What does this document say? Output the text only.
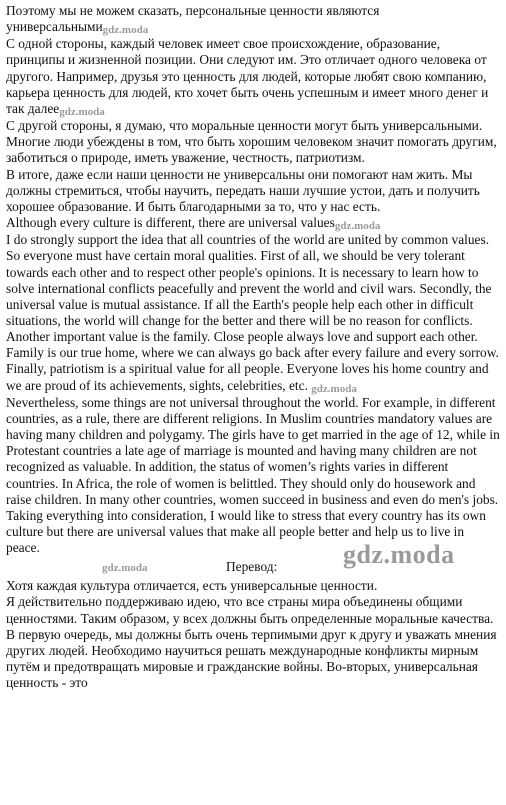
Поэтому мы не можем сказать, персональные ценности являются универсальнымиgdz.moda

С одной стороны, каждый человек имеет свое происхождение, образование, принципы и жизненной позиции. Они следуют им. Это отличает одного человека от другого. Например, друзья это ценность для людей, которые любят свою компанию, карьера ценность для людей, кто хочет быть очень успешным и имеет много денег и так далееgdz.moda

С другой стороны, я думаю, что моральные ценности могут быть универсальными. Многие люди убеждены в том, что быть хорошим человеком значит помогать другим, заботиться о природе, иметь уважение, честность, патриотизм.

В итоге, даже если наши ценности не универсальны они помогают нам жить. Мы должны стремиться, чтобы научить, передать наши лучшие устои, дать и получить хорошее образование. И быть благодарными за то, что у нас есть.

Although every culture is different, there are universal valuesgdz.moda

I do strongly support the idea that all countries of the world are united by common values. So everyone must have certain moral qualities. First of all, we should be very tolerant towards each other and to respect other people's opinions. It is necessary to learn how to solve international conflicts peacefully and prevent the world and civil wars. Secondly, the universal value is mutual assistance. If all the Earth's people help each other in difficult situations, the world will change for the better and there will be no reason for conflicts. Another important value is the family. Close people always love and support each other. Family is our true home, where we can always go back after every failure and every sorrow. Finally, patriotism is a spiritual value for all people. Everyone loves his home country and we are proud of its achievements, sights, celebrities, etc. gdz.moda

Nevertheless, some things are not universal throughout the world. For example, in different countries, as a rule, there are different religions. In Muslim countries mandatory values are having many children and polygamy. The girls have to get married in the age of 12, while in Protestant countries a late age of marriage is mounted and having many children are not recognized as valuable. In addition, the status of women’s rights varies in different countries. In Africa, the role of women is belittled. They should only do housework and raise children. In many other countries, women succeed in business and even do men's jobs.

Taking everything into consideration, I would like to stress that every country has its own culture but there are universal values that make all people better and help us to live in peace.

gdz.moda	Перевод:	gdz.moda

Хотя каждая культура отличается, есть универсальные ценности.

Я действительно поддерживаю идею, что все страны мира объединены общими ценностями. Таким образом, у всех должны быть определенные моральные качества. В первую очередь, мы должны быть очень терпимыми друг к другу и уважать мнения других людей. Необходимо научиться решать международные конфликты мирным путём и предотвращать мировые и гражданские войны. Во-вторых, универсальная ценность - это
